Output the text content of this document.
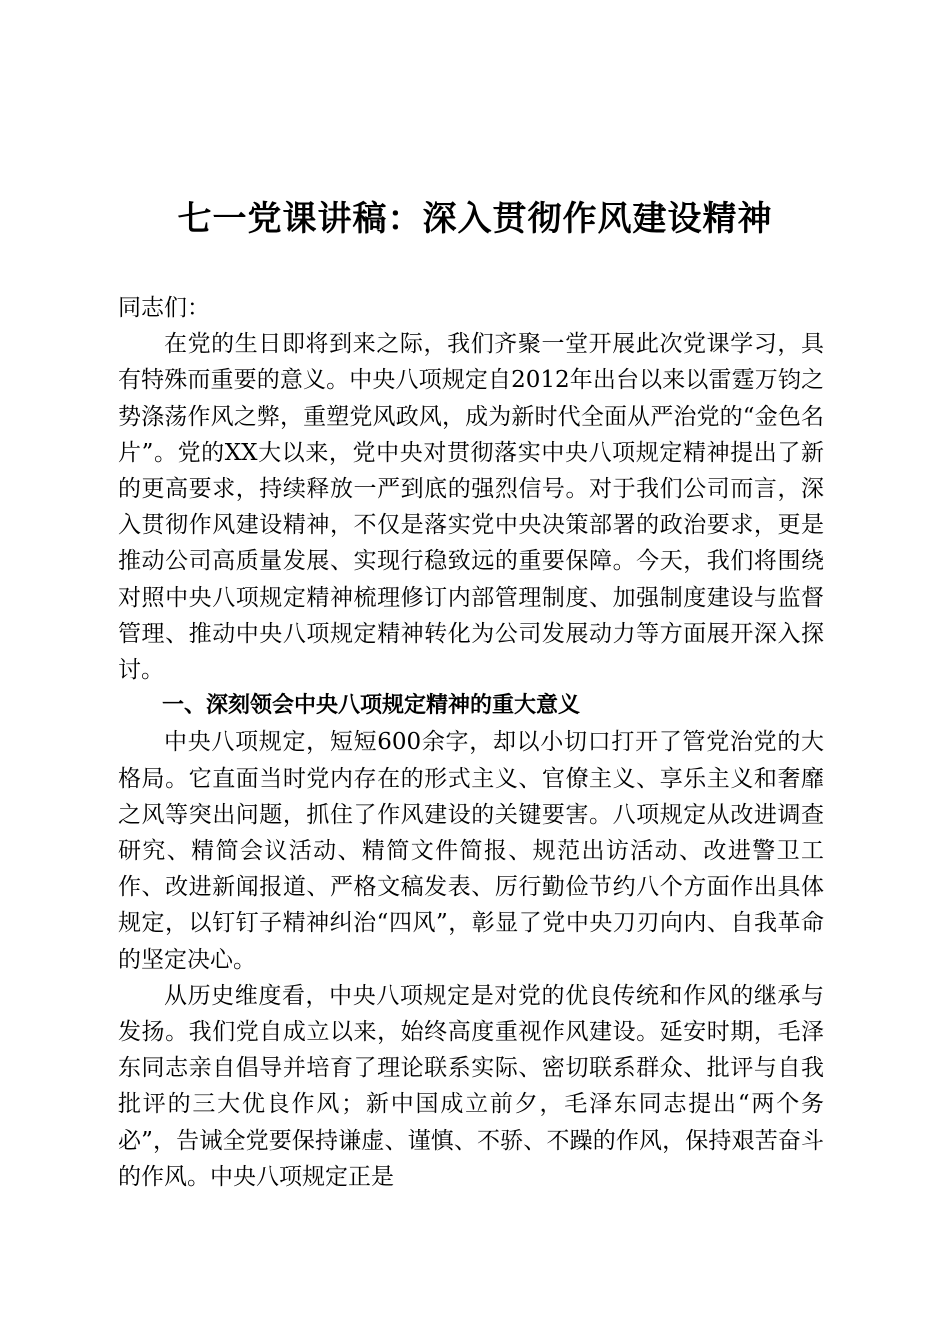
七一党课讲稿：深入贯彻作风建设精神

同志们：

在党的生日即将到来之际，我们齐聚一堂开展此次党课学习，具有特殊而重要的意义。中央八项规定自2012年出台以来以雷霆万钧之势涤荡作风之弊，重塑党风政风，成为新时代全面从严治党的“金色名片”。党的XX大以来，党中央对贯彻落实中央八项规定精神提出了新的更高要求，持续释放一严到底的强烈信号。对于我们公司而言，深入贯彻作风建设精神，不仅是落实党中央决策部署的政治要求，更是推动公司高质量发展、实现行稳致远的重要保障。今天，我们将围绕对照中央八项规定精神梳理修订内部管理制度、加强制度建设与监督管理、推动中央八项规定精神转化为公司发展动力等方面展开深入探讨。

一、深刻领会中央八项规定精神的重大意义

中央八项规定，短短600余字，却以小切口打开了管党治党的大格局。它直面当时党内存在的形式主义、官僚主义、享乐主义和奢靡之风等突出问题，抓住了作风建设的关键要害。八项规定从改进调查研究、精简会议活动、精简文件简报、规范出访活动、改进警卫工作、改进新闻报道、严格文稿发表、厉行勤俭节约八个方面作出具体规定，以钉钉子精神纠治“四风”，彰显了党中央刀刃向内、自我革命的坚定决心。

从历史维度看，中央八项规定是对党的优良传统和作风的继承与发扬。我们党自成立以来，始终高度重视作风建设。延安时期，毛泽东同志亲自倡导并培育了理论联系实际、密切联系群众、批评与自我批评的三大优良作风；新中国成立前夕，毛泽东同志提出“两个务必”，告诫全党要保持谦虚、谨慎、不骄、不躁的作风，保持艰苦奋斗的作风。中央八项规定正是
